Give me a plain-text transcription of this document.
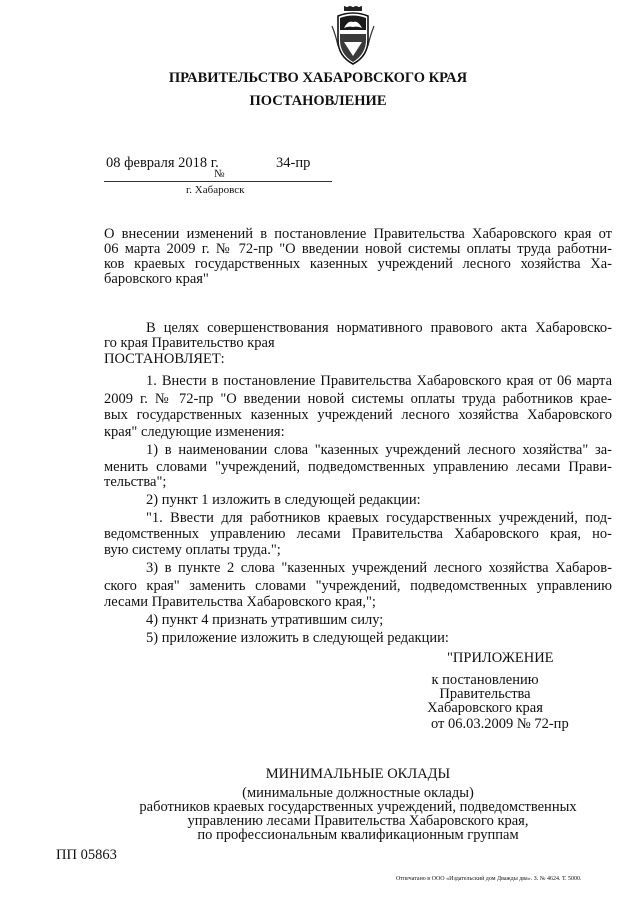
ПРАВИТЕЛЬСТВО ХАБАРОВСКОГО КРАЯ
ПОСТАНОВЛЕНИЕ
08 февраля 2018 г.
№
34-пр
г. Хабаровск
О внесении изменений в постановление Правительства Хабаровского края от
06 марта 2009 г. № 72-пр "О введении новой системы оплаты труда работни-
ков краевых государственных казенных учреждений лесного хозяйства Ха-
баровского края"
В целях совершенствования нормативного правового акта Хабаровско-
го края Правительство края
ПОСТАНОВЛЯЕТ:
1. Внести в постановление Правительства Хабаровского края от 06 марта
2009 г. № 72-пр "О введении новой системы оплаты труда работников крае-
вых государственных казенных учреждений лесного хозяйства Хабаровского
края" следующие изменения:
1) в наименовании слова "казенных учреждений лесного хозяйства" за-
менить словами "учреждений, подведомственных управлению лесами Прави-
тельства";
2) пункт 1 изложить в следующей редакции:
"1. Ввести для работников краевых государственных учреждений, под-
ведомственных управлению лесами Правительства Хабаровского края, но-
вую систему оплаты труда.";
3) в пункте 2 слова "казенных учреждений лесного хозяйства Хабаров-
ского края" заменить словами "учреждений, подведомственных управлению
лесами Правительства Хабаровского края,";
4) пункт 4 признать утратившим силу;
5) приложение изложить в следующей редакции:
"ПРИЛОЖЕНИЕ
к постановлению
Правительства
Хабаровского края
от 06.03.2009 № 72-пр
МИНИМАЛЬНЫЕ ОКЛАДЫ
(минимальные должностные оклады)
работников краевых государственных учреждений, подведомственных
управлению лесами Правительства Хабаровского края,
по профессиональным квалификационным группам
ПП 05863
Отпечатано в ООО «Издательский дом Дважды два». З. № 4624. Т. 5000.
